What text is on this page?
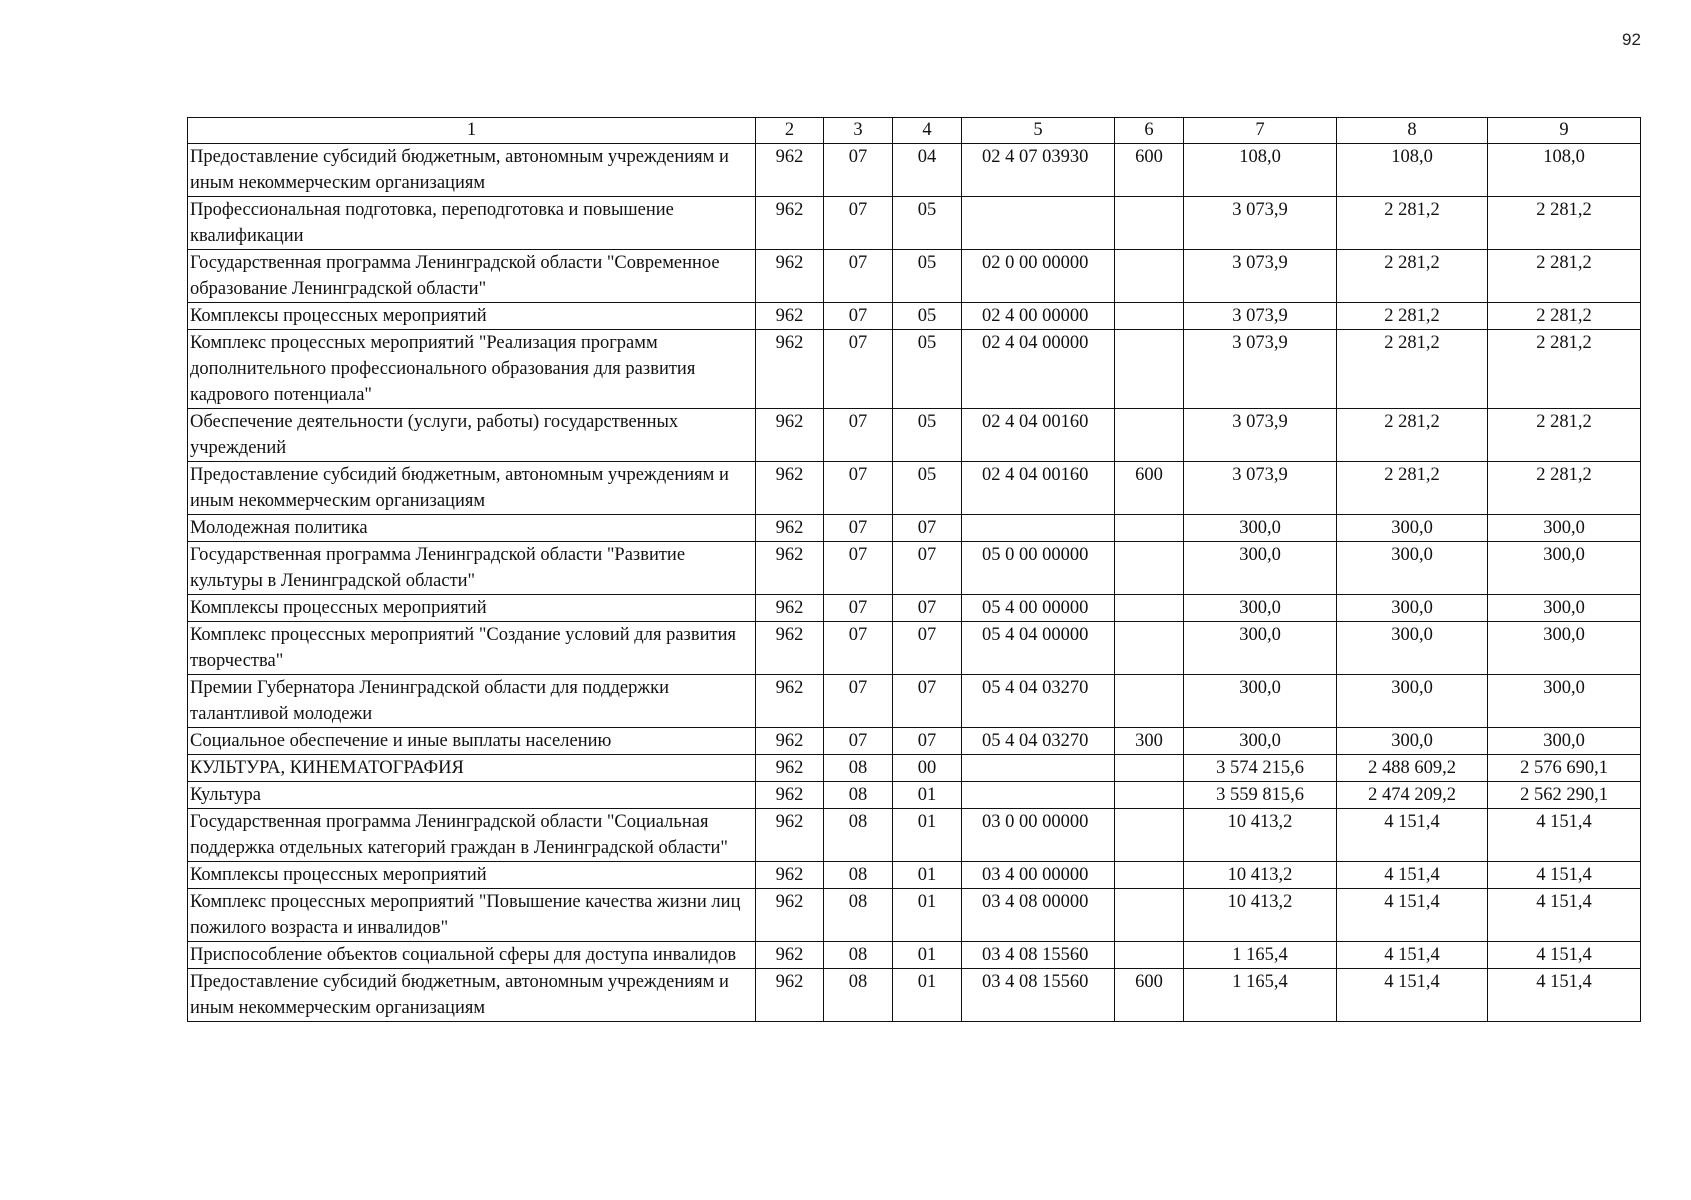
92
1	2	3	4	5	6	7	8	9
Предоставление субсидий бюджетным, автономным учреждениям и иным некоммерческим организациям	962	07	04	02 4 07 03930	600	108,0	108,0	108,0
Профессиональная подготовка, переподготовка и повышение квалификации	962	07	05			3 073,9	2 281,2	2 281,2
Государственная программа Ленинградской области "Современное образование Ленинградской области"	962	07	05	02 0 00 00000		3 073,9	2 281,2	2 281,2
Комплексы процессных мероприятий	962	07	05	02 4 00 00000		3 073,9	2 281,2	2 281,2
Комплекс процессных мероприятий "Реализация программ дополнительного профессионального образования для развития кадрового потенциала"	962	07	05	02 4 04 00000		3 073,9	2 281,2	2 281,2
Обеспечение деятельности (услуги, работы) государственных учреждений	962	07	05	02 4 04 00160		3 073,9	2 281,2	2 281,2
Предоставление субсидий бюджетным, автономным учреждениям и иным некоммерческим организациям	962	07	05	02 4 04 00160	600	3 073,9	2 281,2	2 281,2
Молодежная политика	962	07	07			300,0	300,0	300,0
Государственная программа Ленинградской области "Развитие культуры в Ленинградской области"	962	07	07	05 0 00 00000		300,0	300,0	300,0
Комплексы процессных мероприятий	962	07	07	05 4 00 00000		300,0	300,0	300,0
Комплекс процессных мероприятий "Создание условий для развития творчества"	962	07	07	05 4 04 00000		300,0	300,0	300,0
Премии Губернатора Ленинградской области для поддержки талантливой молодежи	962	07	07	05 4 04 03270		300,0	300,0	300,0
Социальное обеспечение и иные выплаты населению	962	07	07	05 4 04 03270	300	300,0	300,0	300,0
КУЛЬТУРА, КИНЕМАТОГРАФИЯ	962	08	00			3 574 215,6	2 488 609,2	2 576 690,1
Культура	962	08	01			3 559 815,6	2 474 209,2	2 562 290,1
Государственная программа Ленинградской области "Социальная поддержка отдельных категорий граждан в Ленинградской области"	962	08	01	03 0 00 00000		10 413,2	4 151,4	4 151,4
Комплексы процессных мероприятий	962	08	01	03 4 00 00000		10 413,2	4 151,4	4 151,4
Комплекс процессных мероприятий "Повышение качества жизни лиц пожилого возраста и инвалидов"	962	08	01	03 4 08 00000		10 413,2	4 151,4	4 151,4
Приспособление объектов социальной сферы для доступа инвалидов	962	08	01	03 4 08 15560		1 165,4	4 151,4	4 151,4
Предоставление субсидий бюджетным, автономным учреждениям и иным некоммерческим организациям	962	08	01	03 4 08 15560	600	1 165,4	4 151,4	4 151,4
